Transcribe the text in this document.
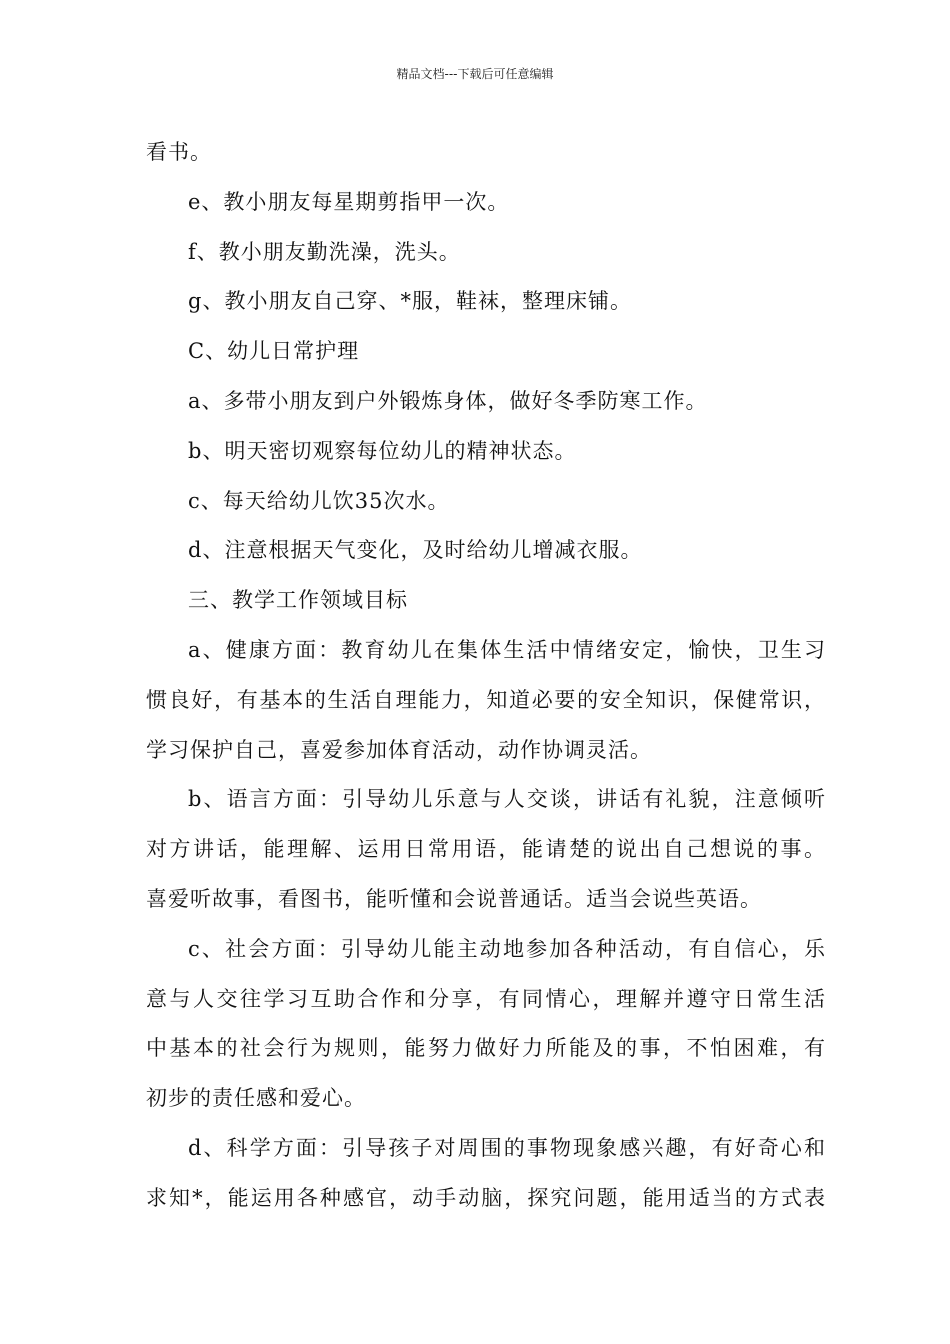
精品文档---下载后可任意编辑
看书。
e、教小朋友每星期剪指甲一次。
f、教小朋友勤洗澡，洗头。
g、教小朋友自己穿、*服，鞋袜，整理床铺。
C、幼儿日常护理
a、多带小朋友到户外锻炼身体，做好冬季防寒工作。
b、明天密切观察每位幼儿的精神状态。
c、每天给幼儿饮35次水。
d、注意根据天气变化，及时给幼儿增减衣服。
三、教学工作领域目标
a、健康方面：教育幼儿在集体生活中情绪安定，愉快，卫生习
惯良好，有基本的生活自理能力，知道必要的安全知识，保健常识，
学习保护自己，喜爱参加体育活动，动作协调灵活。
b、语言方面：引导幼儿乐意与人交谈，讲话有礼貌，注意倾听
对方讲话，能理解、运用日常用语，能请楚的说出自己想说的事。
喜爱听故事，看图书，能听懂和会说普通话。适当会说些英语。
c、社会方面：引导幼儿能主动地参加各种活动，有自信心，乐
意与人交往学习互助合作和分享，有同情心，理解并遵守日常生活
中基本的社会行为规则，能努力做好力所能及的事，不怕困难，有
初步的责任感和爱心。
d、科学方面：引导孩子对周围的事物现象感兴趣，有好奇心和
求知*，能运用各种感官，动手动脑，探究问题，能用适当的方式表
